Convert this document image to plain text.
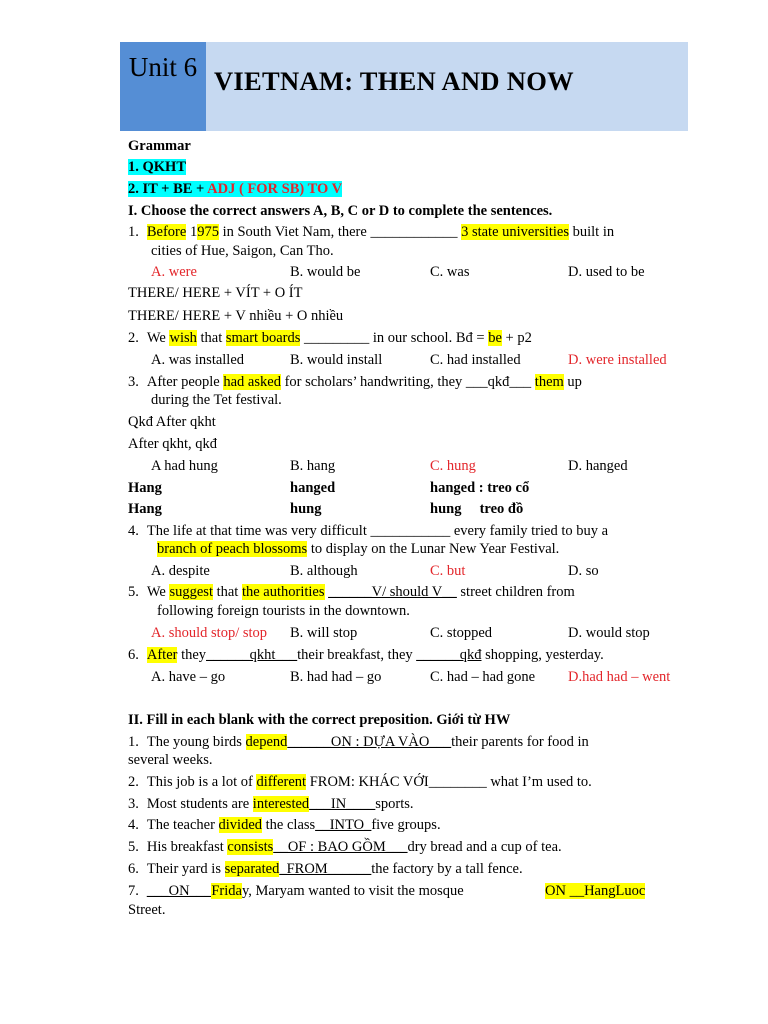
Unit 6 VIETNAM: THEN AND NOW
Grammar
1. QKHT
2. IT + BE + ADJ ( FOR SB) TO V
I. Choose the correct answers A, B, C or D to complete the sentences.
1. Before 1975 in South Viet Nam, there ____________ 3 state universities built in
cities of Hue, Saigon, Can Tho.
A. were	B. would be	C. was	D. used to be
THERE/ HERE + VÍT + O ÍT
THERE/ HERE + V nhiều + O nhiều
2. We wish that smart boards _________ in our school. Bđ = be + p2
A. was installed	B. would install	C. had installed	D. were installed
3. After people had asked for scholars’ handwriting, they ___qkđ___ them up
during the Tet festival.
Qkđ After qkht
After qkht, qkđ
A had hung	B. hang	C. hung	D. hanged
Hang	hanged	hanged : treo cổ
Hang	hung	hung     treo đồ
4. The life at that time was very difficult ___________ every family tried to buy a
branch of peach blossoms to display on the Lunar New Year Festival.
A. despite	B. although	C. but	D. so
5. We suggest that the authorities ______V/ should V__ street children from
following foreign tourists in the downtown.
A. should stop/ stop B. will stop	C. stopped	D. would stop
6. After they______qkht___their breakfast, they ______qkđ shopping, yesterday.
A. have – go	B. had had – go	C. had – had gone D.had had – went
II. Fill in each blank with the correct preposition. Giới từ HW
1. The young birds depend______ON : DỰA VÀO___their parents for food in
several weeks.
2. This job is a lot of different FROM: KHÁC VỚI________ what I’m used to.
3. Most students are interested___IN____sports.
4. The teacher divided the class__INTO_five groups.
5. His breakfast consists__OF : BAO GỒM___dry bread and a cup of tea.
6. Their yard is separated_FROM______the factory by a tall fence.
7. ___ON___Friday, Maryam wanted to visit the mosque	ON __HangLuoc
Street.
